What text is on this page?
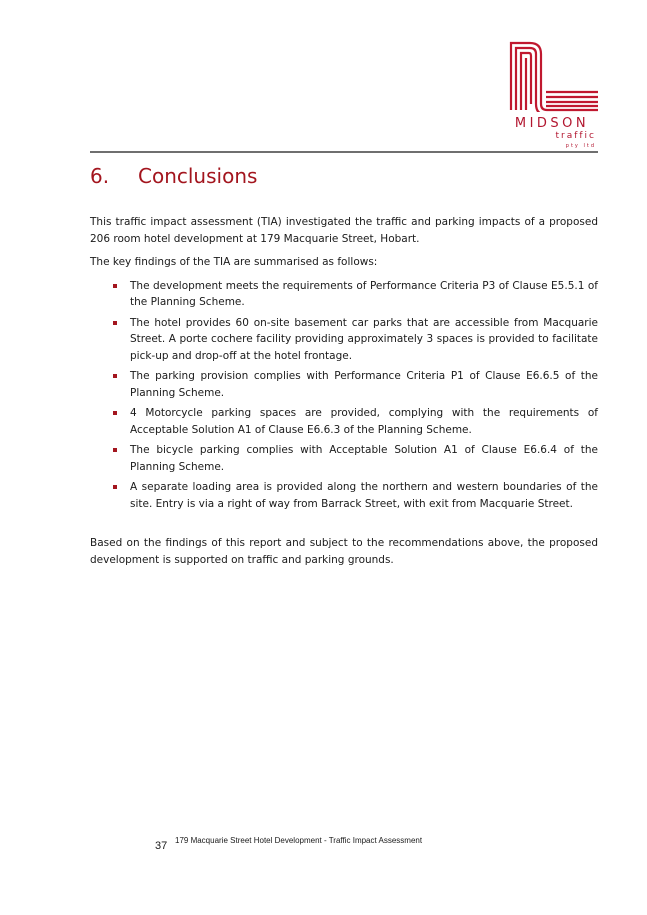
MIDSON
traffic
pty ltd
6. Conclusions

This traffic impact assessment (TIA) investigated the traffic and parking impacts of a proposed 206 room hotel development at 179 Macquarie Street, Hobart.

The key findings of the TIA are summarised as follows:

The development meets the requirements of Performance Criteria P3 of Clause E5.5.1 of the Planning Scheme.
The hotel provides 60 on-site basement car parks that are accessible from Macquarie Street. A porte cochere facility providing approximately 3 spaces is provided to facilitate pick-up and drop-off at the hotel frontage.
The parking provision complies with Performance Criteria P1 of Clause E6.6.5 of the Planning Scheme.
4 Motorcycle parking spaces are provided, complying with the requirements of Acceptable Solution A1 of Clause E6.6.3 of the Planning Scheme.
The bicycle parking complies with Acceptable Solution A1 of Clause E6.6.4 of the Planning Scheme.
A separate loading area is provided along the northern and western boundaries of the site. Entry is via a right of way from Barrack Street, with exit from Macquarie Street.

Based on the findings of this report and subject to the recommendations above, the proposed development is supported on traffic and parking grounds.

37 179 Macquarie Street Hotel Development - Traffic Impact Assessment
